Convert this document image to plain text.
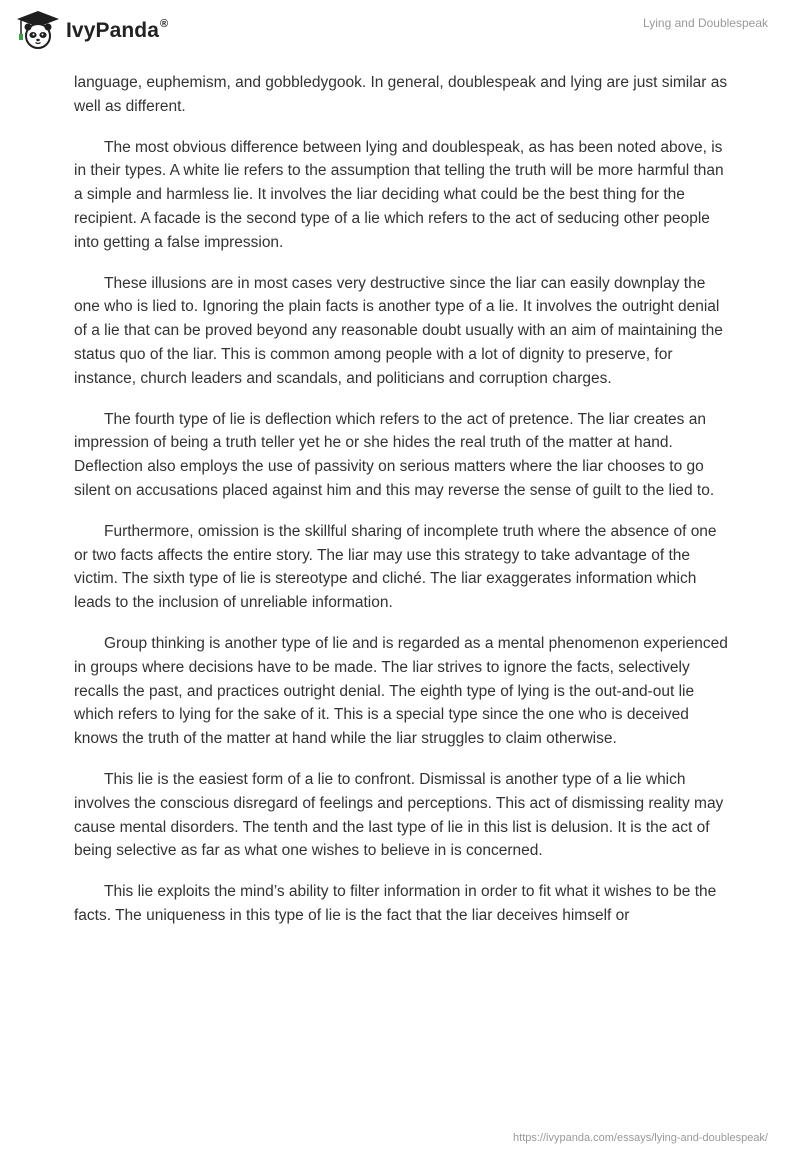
IvyPanda®	Lying and Doublespeak

language, euphemism, and gobbledygook. In general, doublespeak and lying are just similar as well as different.

The most obvious difference between lying and doublespeak, as has been noted above, is in their types. A white lie refers to the assumption that telling the truth will be more harmful than a simple and harmless lie. It involves the liar deciding what could be the best thing for the recipient. A facade is the second type of a lie which refers to the act of seducing other people into getting a false impression.

These illusions are in most cases very destructive since the liar can easily downplay the one who is lied to. Ignoring the plain facts is another type of a lie. It involves the outright denial of a lie that can be proved beyond any reasonable doubt usually with an aim of maintaining the status quo of the liar. This is common among people with a lot of dignity to preserve, for instance, church leaders and scandals, and politicians and corruption charges.

The fourth type of lie is deflection which refers to the act of pretence. The liar creates an impression of being a truth teller yet he or she hides the real truth of the matter at hand. Deflection also employs the use of passivity on serious matters where the liar chooses to go silent on accusations placed against him and this may reverse the sense of guilt to the lied to.

Furthermore, omission is the skillful sharing of incomplete truth where the absence of one or two facts affects the entire story. The liar may use this strategy to take advantage of the victim. The sixth type of lie is stereotype and cliché. The liar exaggerates information which leads to the inclusion of unreliable information.

Group thinking is another type of lie and is regarded as a mental phenomenon experienced in groups where decisions have to be made. The liar strives to ignore the facts, selectively recalls the past, and practices outright denial. The eighth type of lying is the out-and-out lie which refers to lying for the sake of it. This is a special type since the one who is deceived knows the truth of the matter at hand while the liar struggles to claim otherwise.

This lie is the easiest form of a lie to confront. Dismissal is another type of a lie which involves the conscious disregard of feelings and perceptions. This act of dismissing reality may cause mental disorders. The tenth and the last type of lie in this list is delusion. It is the act of being selective as far as what one wishes to believe in is concerned.

This lie exploits the mind’s ability to filter information in order to fit what it wishes to be the facts. The uniqueness in this type of lie is the fact that the liar deceives himself or

https://ivypanda.com/essays/lying-and-doublespeak/
